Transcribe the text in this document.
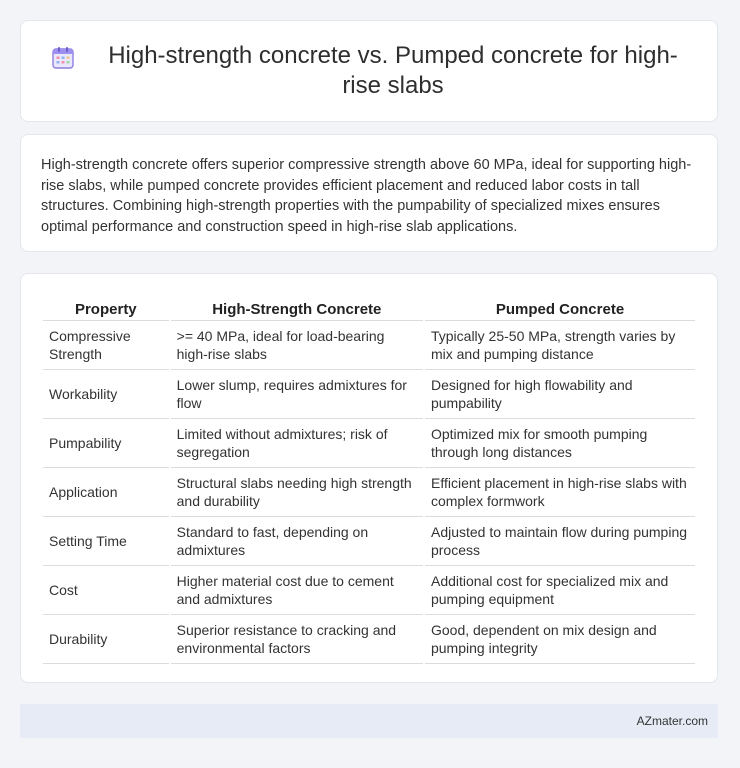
High-strength concrete vs. Pumped concrete for high-rise slabs

High-strength concrete offers superior compressive strength above 60 MPa, ideal for supporting high-rise slabs, while pumped concrete provides efficient placement and reduced labor costs in tall structures. Combining high-strength properties with the pumpability of specialized mixes ensures optimal performance and construction speed in high-rise slab applications.

Property	High-Strength Concrete	Pumped Concrete
Compressive Strength	>= 40 MPa, ideal for load-bearing high-rise slabs	Typically 25-50 MPa, strength varies by mix and pumping distance
Workability	Lower slump, requires admixtures for flow	Designed for high flowability and pumpability
Pumpability	Limited without admixtures; risk of segregation	Optimized mix for smooth pumping through long distances
Application	Structural slabs needing high strength and durability	Efficient placement in high-rise slabs with complex formwork
Setting Time	Standard to fast, depending on admixtures	Adjusted to maintain flow during pumping process
Cost	Higher material cost due to cement and admixtures	Additional cost for specialized mix and pumping equipment
Durability	Superior resistance to cracking and environmental factors	Good, dependent on mix design and pumping integrity
AZmater.com
